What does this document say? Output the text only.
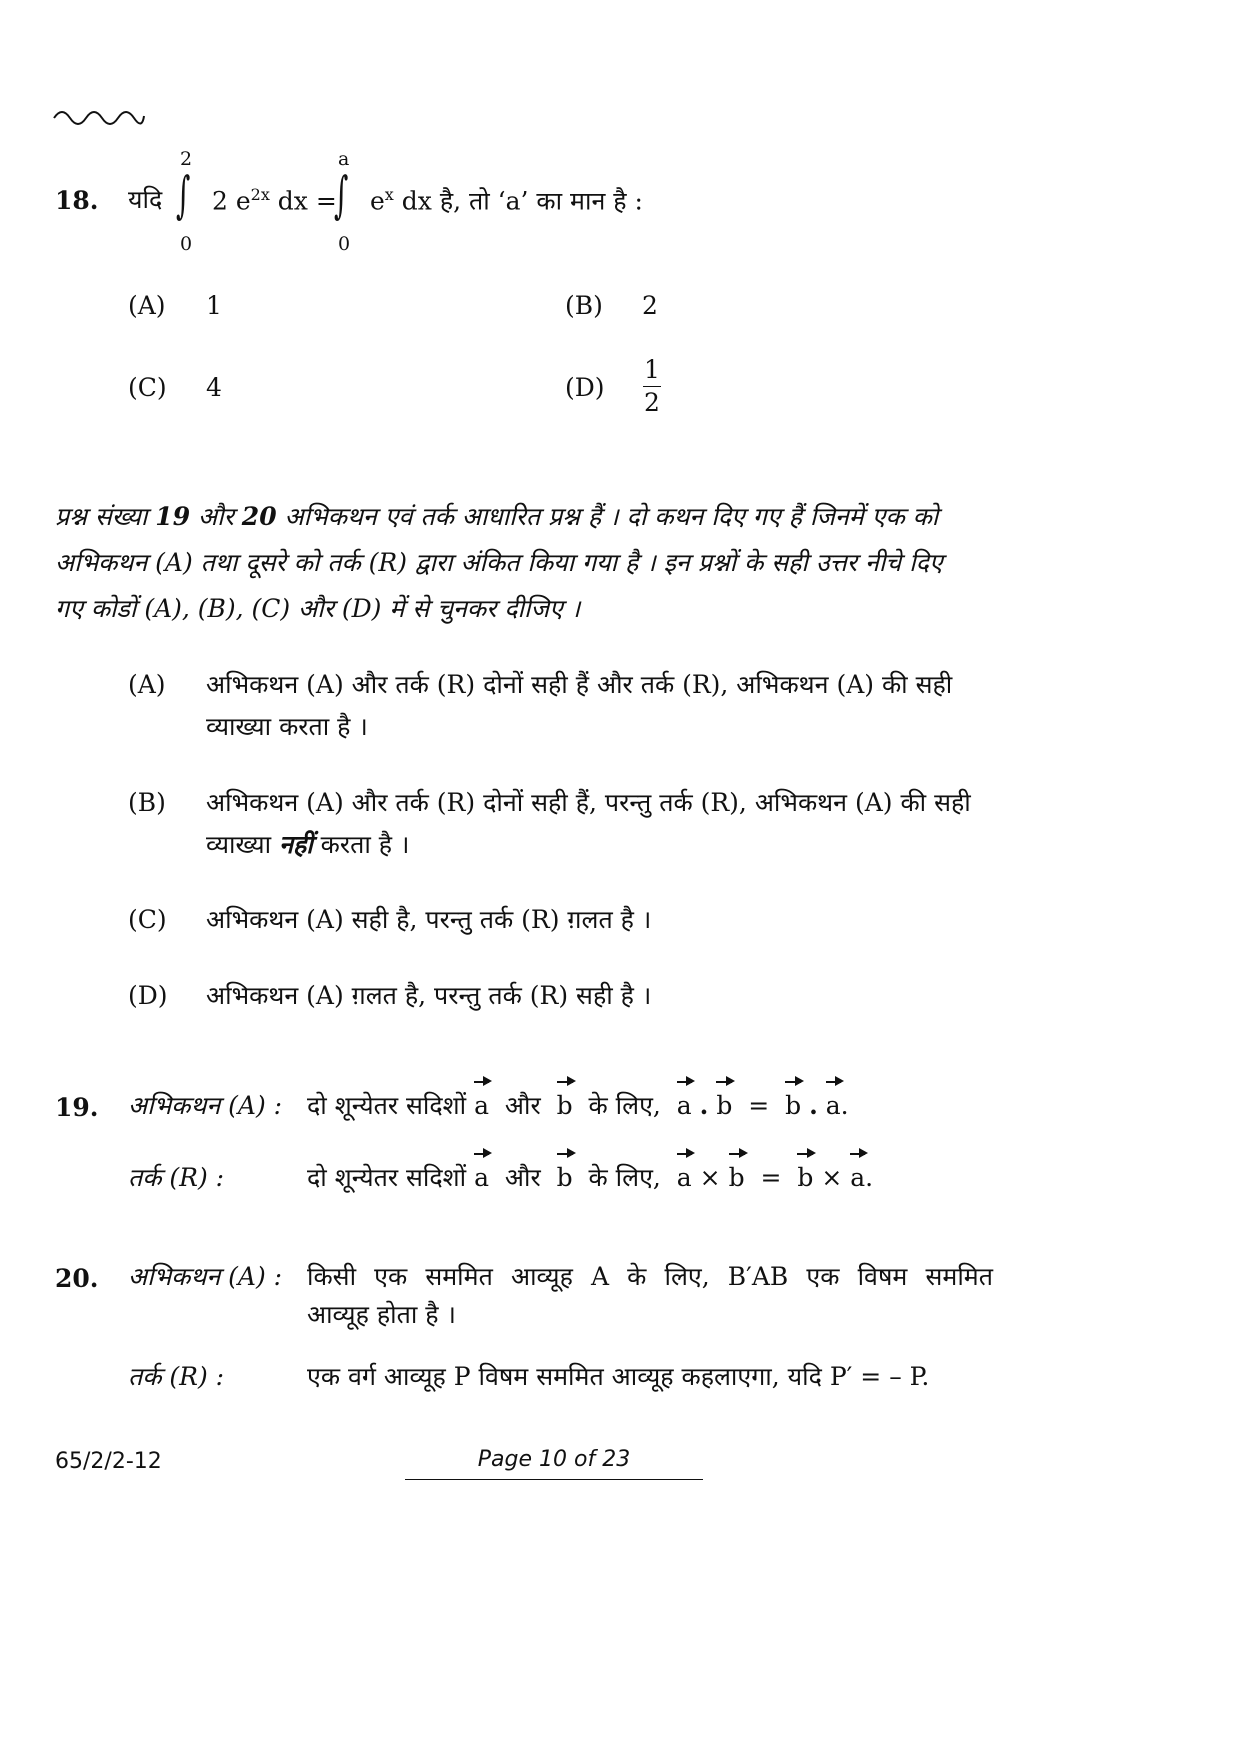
18. यदि
2
∫
0
2 $e^{2x}$ dx =
a
∫
0
$e^x$ dx है, तो ‘a’ का मान है :
(A) 1	(B) 2
(C) 4	(D)
1
2
प्रश्न संख्या 19 और 20 अभिकथन एवं तर्क आधारित प्रश्न हैं । दो कथन दिए गए हैं जिनमें एक को
अभिकथन (A) तथा दूसरे को तर्क (R) द्वारा अंकित किया गया है । इन प्रश्नों के सही उत्तर नीचे दिए
गए कोडों (A), (B), (C) और (D) में से चुनकर दीजिए ।
(A) अभिकथन (A) और तर्क (R) दोनों सही हैं और तर्क (R), अभिकथन (A) की सही
व्याख्या करता है ।
(B) अभिकथन (A) और तर्क (R) दोनों सही हैं, परन्तु तर्क (R), अभिकथन (A) की सही
व्याख्या नहीं करता है ।
(C) अभिकथन (A) सही है, परन्तु तर्क (R) ग़लत है ।
(D) अभिकथन (A) ग़लत है, परन्तु तर्क (R) सही है ।
19. अभिकथन (A) : दो शून्येतर सदिशों a और b के लिए, a . b = b . a.
तर्क (R) :	दो शून्येतर सदिशों a और b के लिए, a × b = b × a.
20. अभिकथन (A) : किसी एक सममित आव्यूह A के लिए, B′AB एक विषम सममित
आव्यूह होता है ।
तर्क (R) :	एक वर्ग आव्यूह P विषम सममित आव्यूह कहलाएगा, यदि P′ = – P.
65/2/2-12	Page 10 of 23
